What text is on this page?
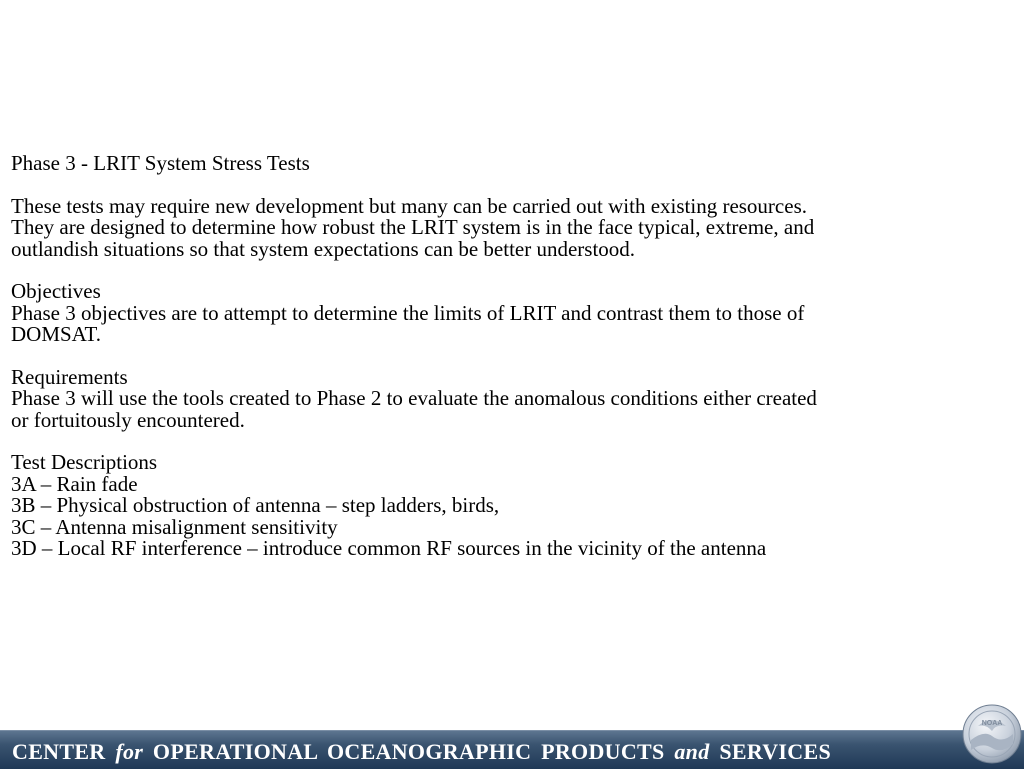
Phase 3 - LRIT System Stress Tests
These tests may require new development but many can be carried out with existing resources.
They are designed to determine how robust the LRIT system is in the face typical, extreme, and
outlandish situations so that system expectations can be better understood.
Objectives
Phase 3 objectives are to attempt to determine the limits of LRIT and contrast them to those of
DOMSAT.
Requirements
Phase 3 will use the tools created to Phase 2 to evaluate the anomalous conditions either created
or fortuitously encountered.
Test Descriptions
3A – Rain fade
3B – Physical obstruction of antenna – step ladders, birds,
3C – Antenna misalignment sensitivity
3D – Local RF interference – introduce common RF sources in the vicinity of the antenna
CENTER for OPERATIONAL OCEANOGRAPHIC PRODUCTS and SERVICES
NOAA
